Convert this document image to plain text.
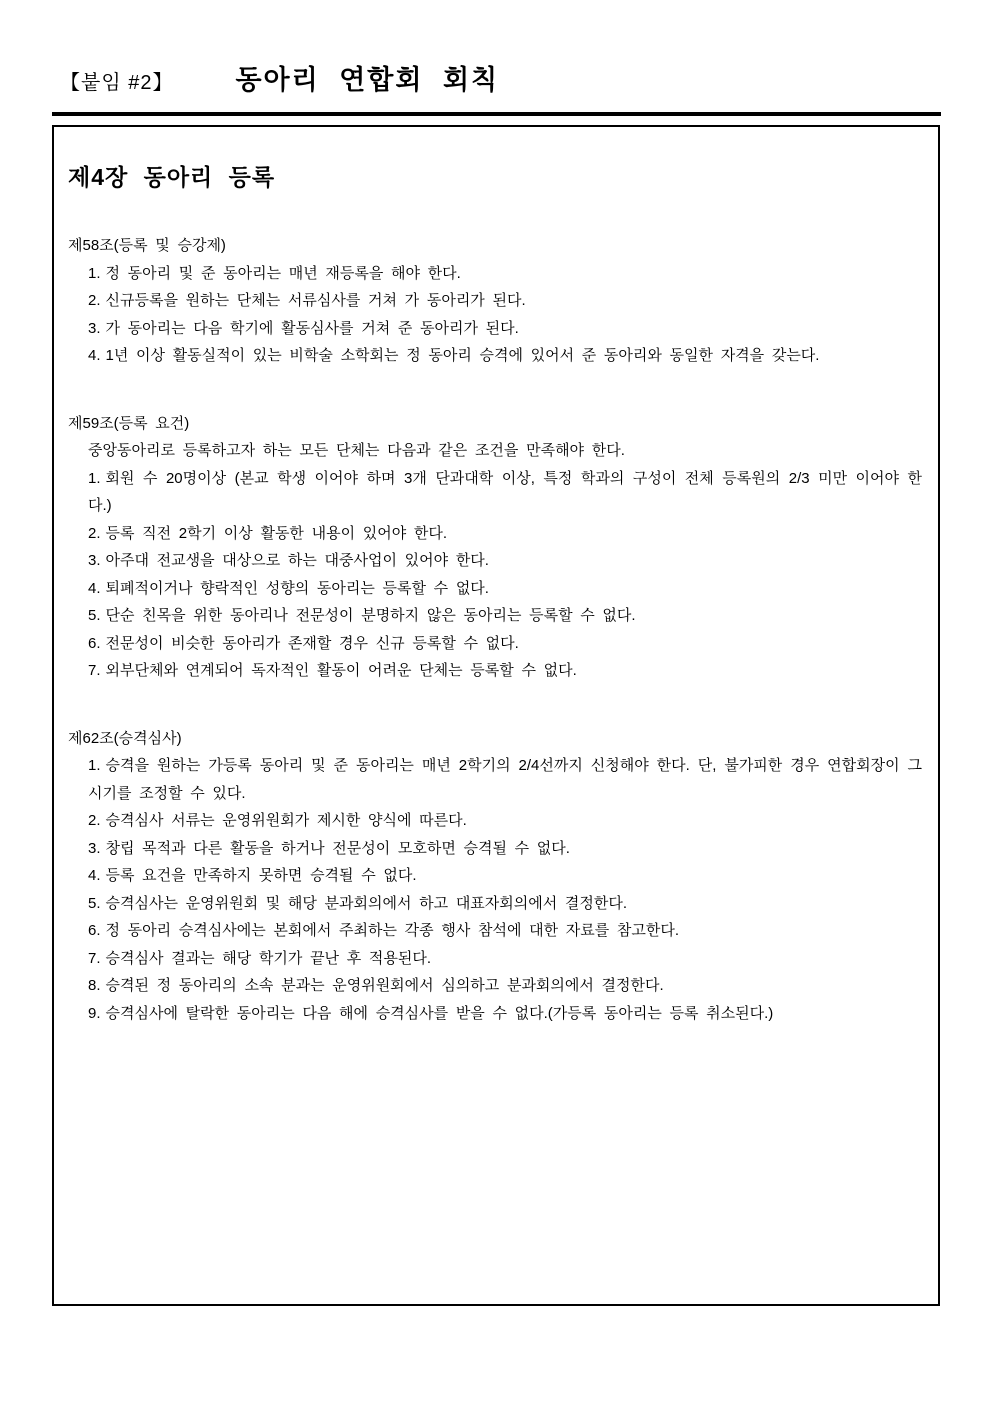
【붙임 #2】 동아리 연합회 회칙
제4장 동아리 등록
제58조(등록 및 승강제)
1. 정 동아리 및 준 동아리는 매년 재등록을 해야 한다.
2. 신규등록을 원하는 단체는 서류심사를 거쳐 가 동아리가 된다.
3. 가 동아리는 다음 학기에 활동심사를 거쳐 준 동아리가 된다.
4. 1년 이상 활동실적이 있는 비학술 소학회는 정 동아리 승격에 있어서 준 동아리와 동일한 자격을 갖는다.
제59조(등록 요건)
중앙동아리로 등록하고자 하는 모든 단체는 다음과 같은 조건을 만족해야 한다.
1. 회원 수 20명이상 (본교 학생 이어야 하며 3개 단과대학 이상, 특정 학과의 구성이 전체 등록원의 2/3 미만 이어야 한다.)
2. 등록 직전 2학기 이상 활동한 내용이 있어야 한다.
3. 아주대 전교생을 대상으로 하는 대중사업이 있어야 한다.
4. 퇴폐적이거나 향락적인 성향의 동아리는 등록할 수 없다.
5. 단순 친목을 위한 동아리나 전문성이 분명하지 않은 동아리는 등록할 수 없다.
6. 전문성이 비슷한 동아리가 존재할 경우 신규 등록할 수 없다.
7. 외부단체와 연계되어 독자적인 활동이 어려운 단체는 등록할 수 없다.
제62조(승격심사)
1. 승격을 원하는 가등록 동아리 및 준 동아리는 매년 2학기의 2/4선까지 신청해야 한다. 단, 불가피한 경우 연합회장이 그 시기를 조정할 수 있다.
2. 승격심사 서류는 운영위원회가 제시한 양식에 따른다.
3. 창립 목적과 다른 활동을 하거나 전문성이 모호하면 승격될 수 없다.
4. 등록 요건을 만족하지 못하면 승격될 수 없다.
5. 승격심사는 운영위원회 및 해당 분과회의에서 하고 대표자회의에서 결정한다.
6. 정 동아리 승격심사에는 본회에서 주최하는 각종 행사 참석에 대한 자료를 참고한다.
7. 승격심사 결과는 해당 학기가 끝난 후 적용된다.
8. 승격된 정 동아리의 소속 분과는 운영위원회에서 심의하고 분과회의에서 결정한다.
9. 승격심사에 탈락한 동아리는 다음 해에 승격심사를 받을 수 없다.(가등록 동아리는 등록 취소된다.)
